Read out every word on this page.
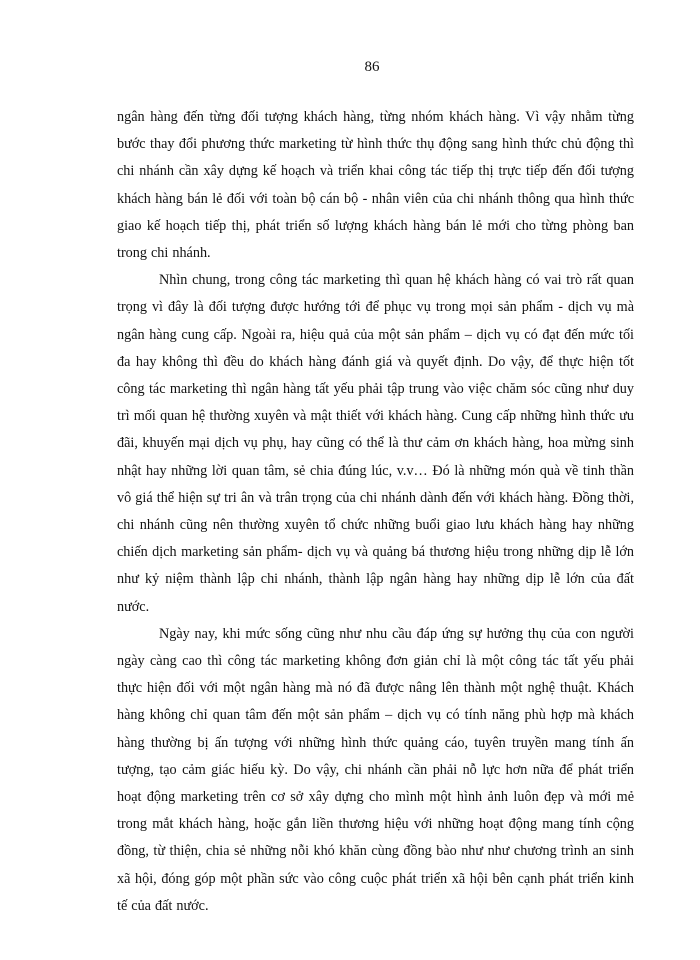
86

ngân hàng đến từng đối tượng khách hàng, từng nhóm khách hàng. Vì vậy nhằm từng bước thay đổi phương thức marketing từ hình thức thụ động sang hình thức chủ động thì chi nhánh cần xây dựng kế hoạch và triển khai công tác tiếp thị trực tiếp đến đối tượng khách hàng bán lẻ đối với toàn bộ cán bộ - nhân viên của chi nhánh thông qua hình thức giao kế hoạch tiếp thị, phát triển số lượng khách hàng bán lẻ mới cho từng phòng ban trong chi nhánh.

Nhìn chung, trong công tác marketing thì quan hệ khách hàng có vai trò rất quan trọng vì đây là đối tượng được hướng tới để phục vụ trong mọi sản phẩm - dịch vụ mà ngân hàng cung cấp. Ngoài ra, hiệu quả của một sản phẩm – dịch vụ có đạt đến mức tối đa hay không thì đều do khách hàng đánh giá và quyết định. Do vậy, để thực hiện tốt công tác marketing thì ngân hàng tất yếu phải tập trung vào việc chăm sóc cũng như duy trì mối quan hệ thường xuyên và mật thiết với khách hàng. Cung cấp những hình thức ưu đãi, khuyến mại dịch vụ phụ, hay cũng có thể là thư cảm ơn khách hàng, hoa mừng sinh nhật hay những lời quan tâm, sẻ chia đúng lúc, v.v… Đó là những món quà về tinh thần vô giá thể hiện sự tri ân và trân trọng của chi nhánh dành đến với khách hàng. Đồng thời, chi nhánh cũng nên thường xuyên tổ chức những buổi giao lưu khách hàng hay những chiến dịch marketing sản phẩm- dịch vụ và quảng bá thương hiệu trong những dịp lễ lớn như kỷ niệm thành lập chi nhánh, thành lập ngân hàng hay những dịp lễ lớn của đất nước.

Ngày nay, khi mức sống cũng như nhu cầu đáp ứng sự hưởng thụ của con người ngày càng cao thì công tác marketing không đơn giản chỉ là một công tác tất yếu phải thực hiện đối với một ngân hàng mà nó đã được nâng lên thành một nghệ thuật. Khách hàng không chỉ quan tâm đến một sản phẩm – dịch vụ có tính năng phù hợp mà khách hàng thường bị ấn tượng với những hình thức quảng cáo, tuyên truyền mang tính ấn tượng, tạo cảm giác hiếu kỳ. Do vậy, chi nhánh cần phải nỗ lực hơn nữa để phát triển hoạt động marketing trên cơ sở xây dựng cho mình một hình ảnh luôn đẹp và mới mẻ trong mắt khách hàng, hoặc gắn liền thương hiệu với những hoạt động mang tính cộng đồng, từ thiện, chia sẻ những nỗi khó khăn cùng đồng bào như như chương trình an sinh xã hội, đóng góp một phần sức vào công cuộc phát triển xã hội bên cạnh phát triển kinh tế của đất nước.
